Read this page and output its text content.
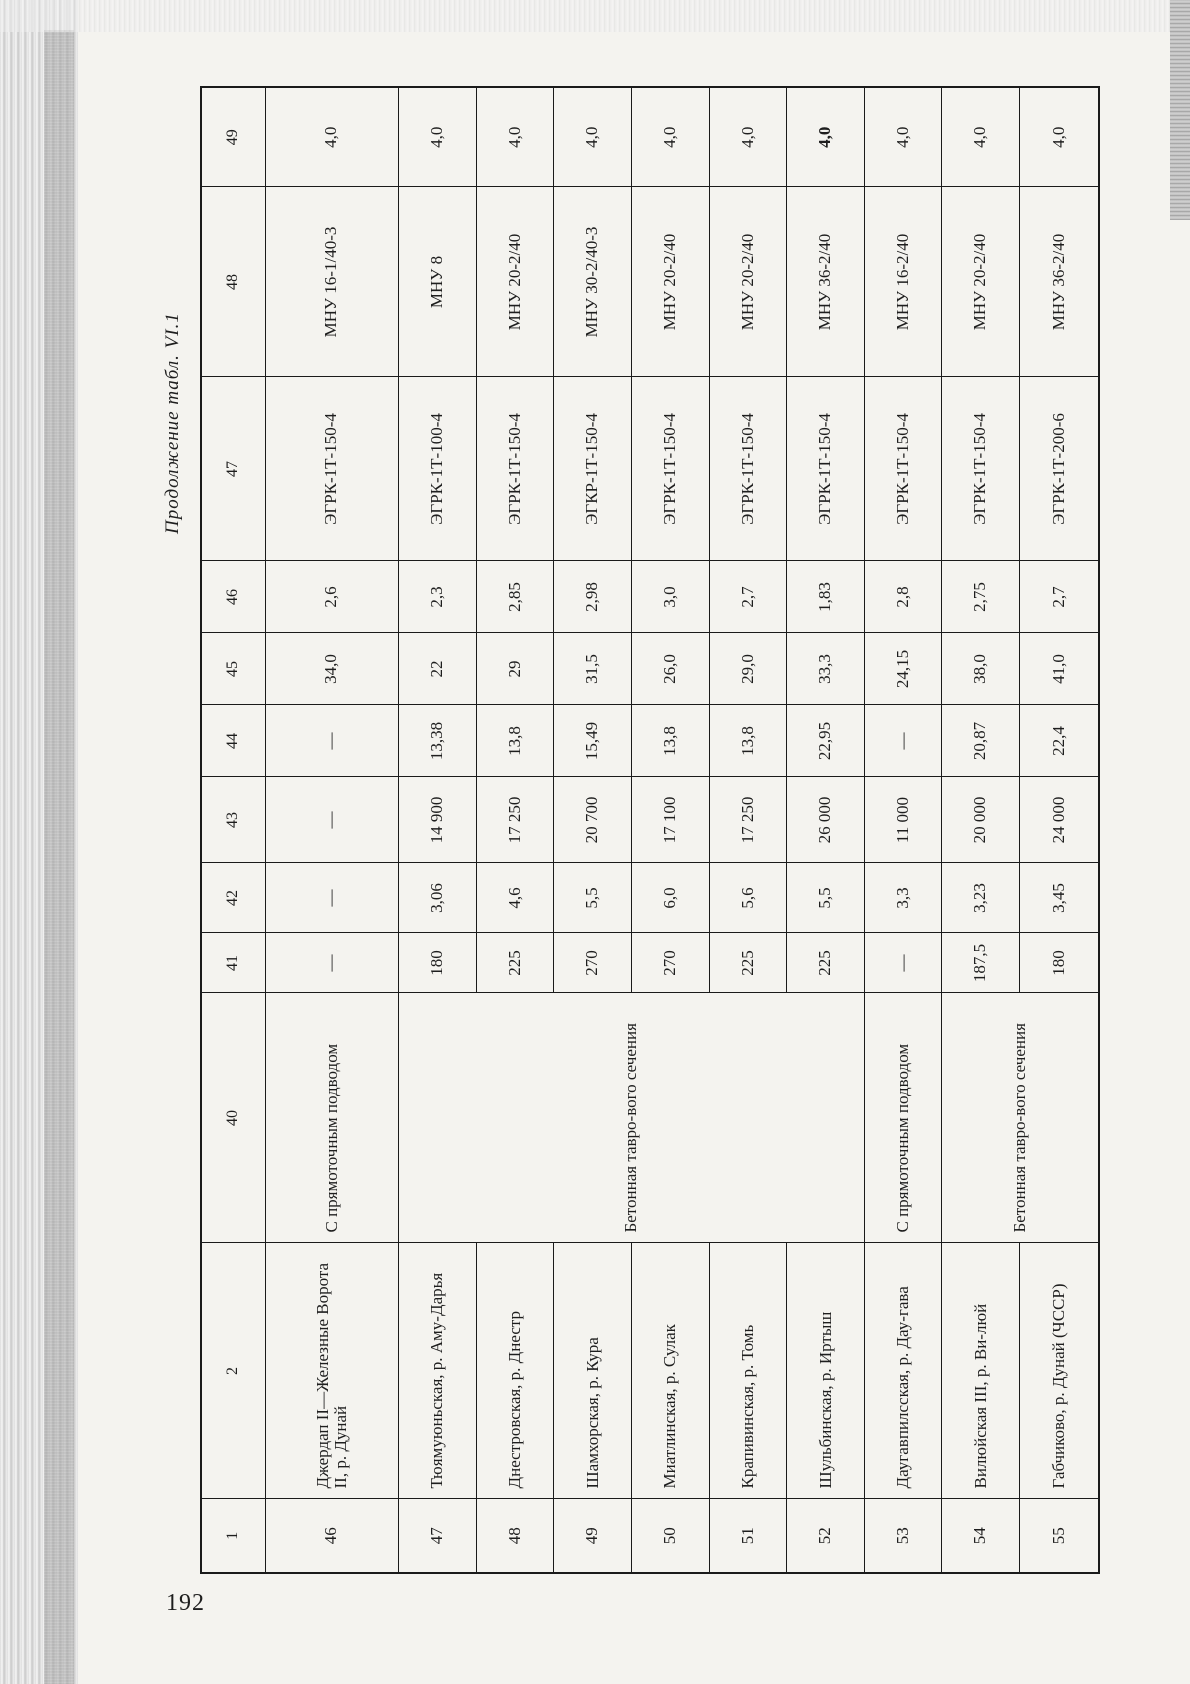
Продолжение табл. VI.1
1	2	40	41	42	43	44	45	46	47	48	49
46	Джердап II—Железные Ворота II, р. Дунай	С прямоточным подводом	—	—	—	—	34,0	2,6	ЭГРК-1Т-150-4	МНУ 16-1/40-3	4,0
47	Тюямуюньская, р. Аму-Дарья	Бетонная тавро-вого сечения	180	3,06	14 900	13,38	22	2,3	ЭГРК-1Т-100-4	МНУ 8	4,0
48	Днестровская, р. Днестр		225	4,6	17 250	13,8	29	2,85	ЭГРК-1Т-150-4	МНУ 20-2/40	4,0
49	Шамхорская, р. Кура		270	5,5	20 700	15,49	31,5	2,98	ЭГКР-1Т-150-4	МНУ 30-2/40-3	4,0
50	Миатлинская, р. Сулак		270	6,0	17 100	13,8	26,0	3,0	ЭГРК-1Т-150-4	МНУ 20-2/40	4,0
51	Крапивинская, р. Томь		225	5,6	17 250	13,8	29,0	2,7	ЭГРК-1Т-150-4	МНУ 20-2/40	4,0
52	Шульбинская, р. Иртыш		225	5,5	26 000	22,95	33,3	1,83	ЭГРК-1Т-150-4	МНУ 36-2/40	4,0
53	Даугавпилсская, р. Дау-гава	С прямоточным подводом	—	3,3	11 000	—	24,15	2,8	ЭГРК-1Т-150-4	МНУ 16-2/40	4,0
54	Вилюйская III, р. Ви-люй	Бетонная тавро-вого сечения	187,5	3,23	20 000	20,87	38,0	2,75	ЭГРК-1Т-150-4	МНУ 20-2/40	4,0
55	Габчиково, р. Дунай (ЧССР)		180	3,45	24 000	22,4	41,0	2,7	ЭГРК-1Т-200-6	МНУ 36-2/40	4,0
192
